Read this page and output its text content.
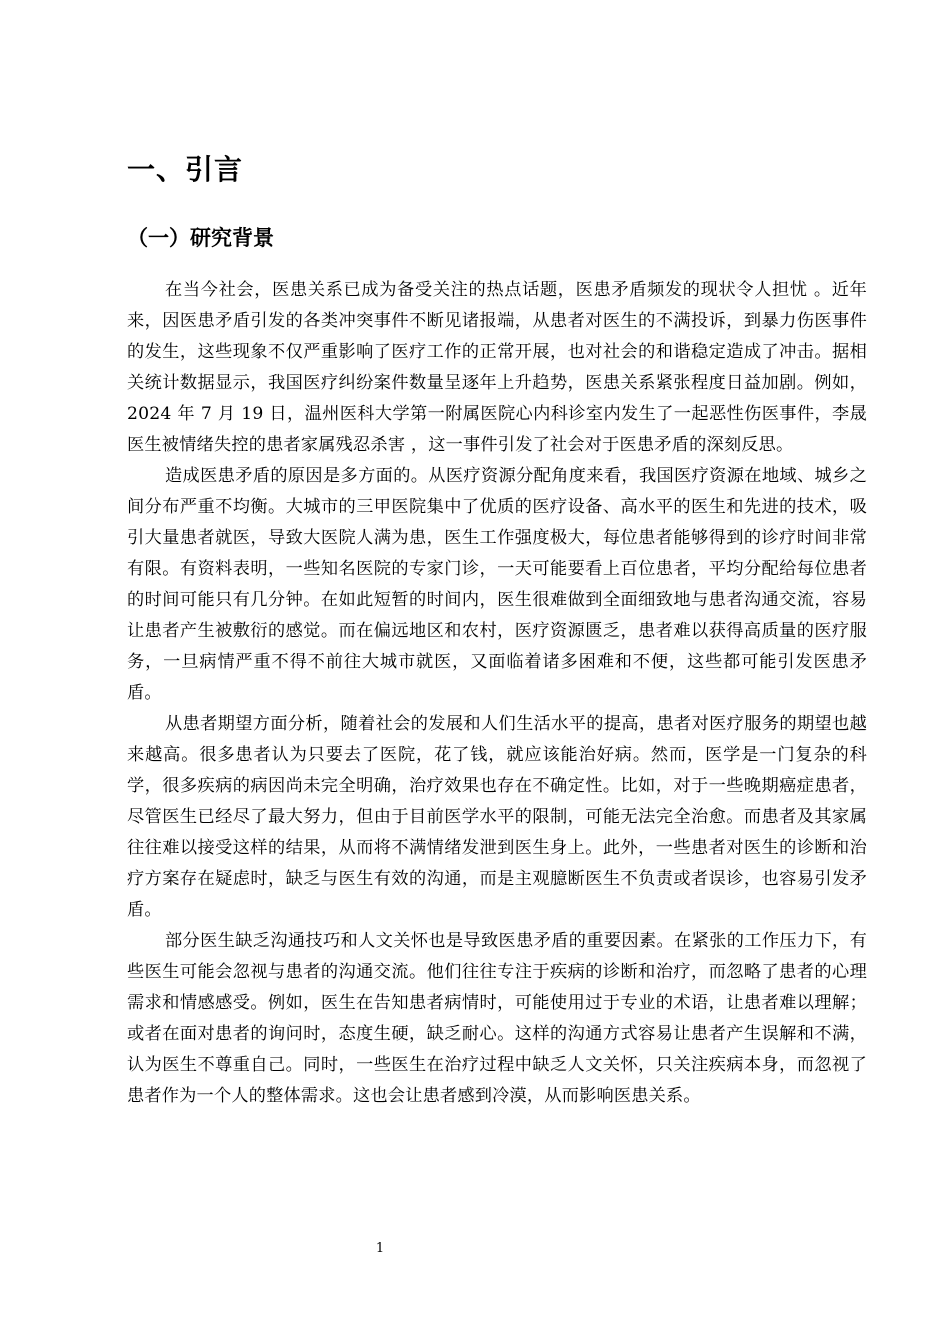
一、引言
（一）研究背景

在当今社会，医患关系已成为备受关注的热点话题，医患矛盾频发的现状令人担忧 。近年来，因医患矛盾引发的各类冲突事件不断见诸报端，从患者对医生的不满投诉，到暴力伤医事件的发生，这些现象不仅严重影响了医疗工作的正常开展，也对社会的和谐稳定造成了冲击。据相关统计数据显示，我国医疗纠纷案件数量呈逐年上升趋势，医患关系紧张程度日益加剧。例如，2024 年 7 月 19 日，温州医科大学第一附属医院心内科诊室内发生了一起恶性伤医事件，李晟医生被情绪失控的患者家属残忍杀害 ，这一事件引发了社会对于医患矛盾的深刻反思。

造成医患矛盾的原因是多方面的。从医疗资源分配角度来看，我国医疗资源在地域、城乡之间分布严重不均衡。大城市的三甲医院集中了优质的医疗设备、高水平的医生和先进的技术，吸引大量患者就医，导致大医院人满为患，医生工作强度极大，每位患者能够得到的诊疗时间非常有限。有资料表明，一些知名医院的专家门诊，一天可能要看上百位患者，平均分配给每位患者的时间可能只有几分钟。在如此短暂的时间内，医生很难做到全面细致地与患者沟通交流，容易让患者产生被敷衍的感觉。而在偏远地区和农村，医疗资源匮乏，患者难以获得高质量的医疗服务，一旦病情严重不得不前往大城市就医，又面临着诸多困难和不便，这些都可能引发医患矛盾。

从患者期望方面分析，随着社会的发展和人们生活水平的提高，患者对医疗服务的期望也越来越高。很多患者认为只要去了医院，花了钱，就应该能治好病。然而，医学是一门复杂的科学，很多疾病的病因尚未完全明确，治疗效果也存在不确定性。比如，对于一些晚期癌症患者，尽管医生已经尽了最大努力，但由于目前医学水平的限制，可能无法完全治愈。而患者及其家属往往难以接受这样的结果，从而将不满情绪发泄到医生身上。此外，一些患者对医生的诊断和治疗方案存在疑虑时，缺乏与医生有效的沟通，而是主观臆断医生不负责或者误诊，也容易引发矛盾。

部分医生缺乏沟通技巧和人文关怀也是导致医患矛盾的重要因素。在紧张的工作压力下，有些医生可能会忽视与患者的沟通交流。他们往往专注于疾病的诊断和治疗，而忽略了患者的心理需求和情感感受。例如，医生在告知患者病情时，可能使用过于专业的术语，让患者难以理解；或者在面对患者的询问时，态度生硬，缺乏耐心。这样的沟通方式容易让患者产生误解和不满，认为医生不尊重自己。同时，一些医生在治疗过程中缺乏人文关怀，只关注疾病本身，而忽视了患者作为一个人的整体需求。这也会让患者感到冷漠，从而影响医患关系。

1
